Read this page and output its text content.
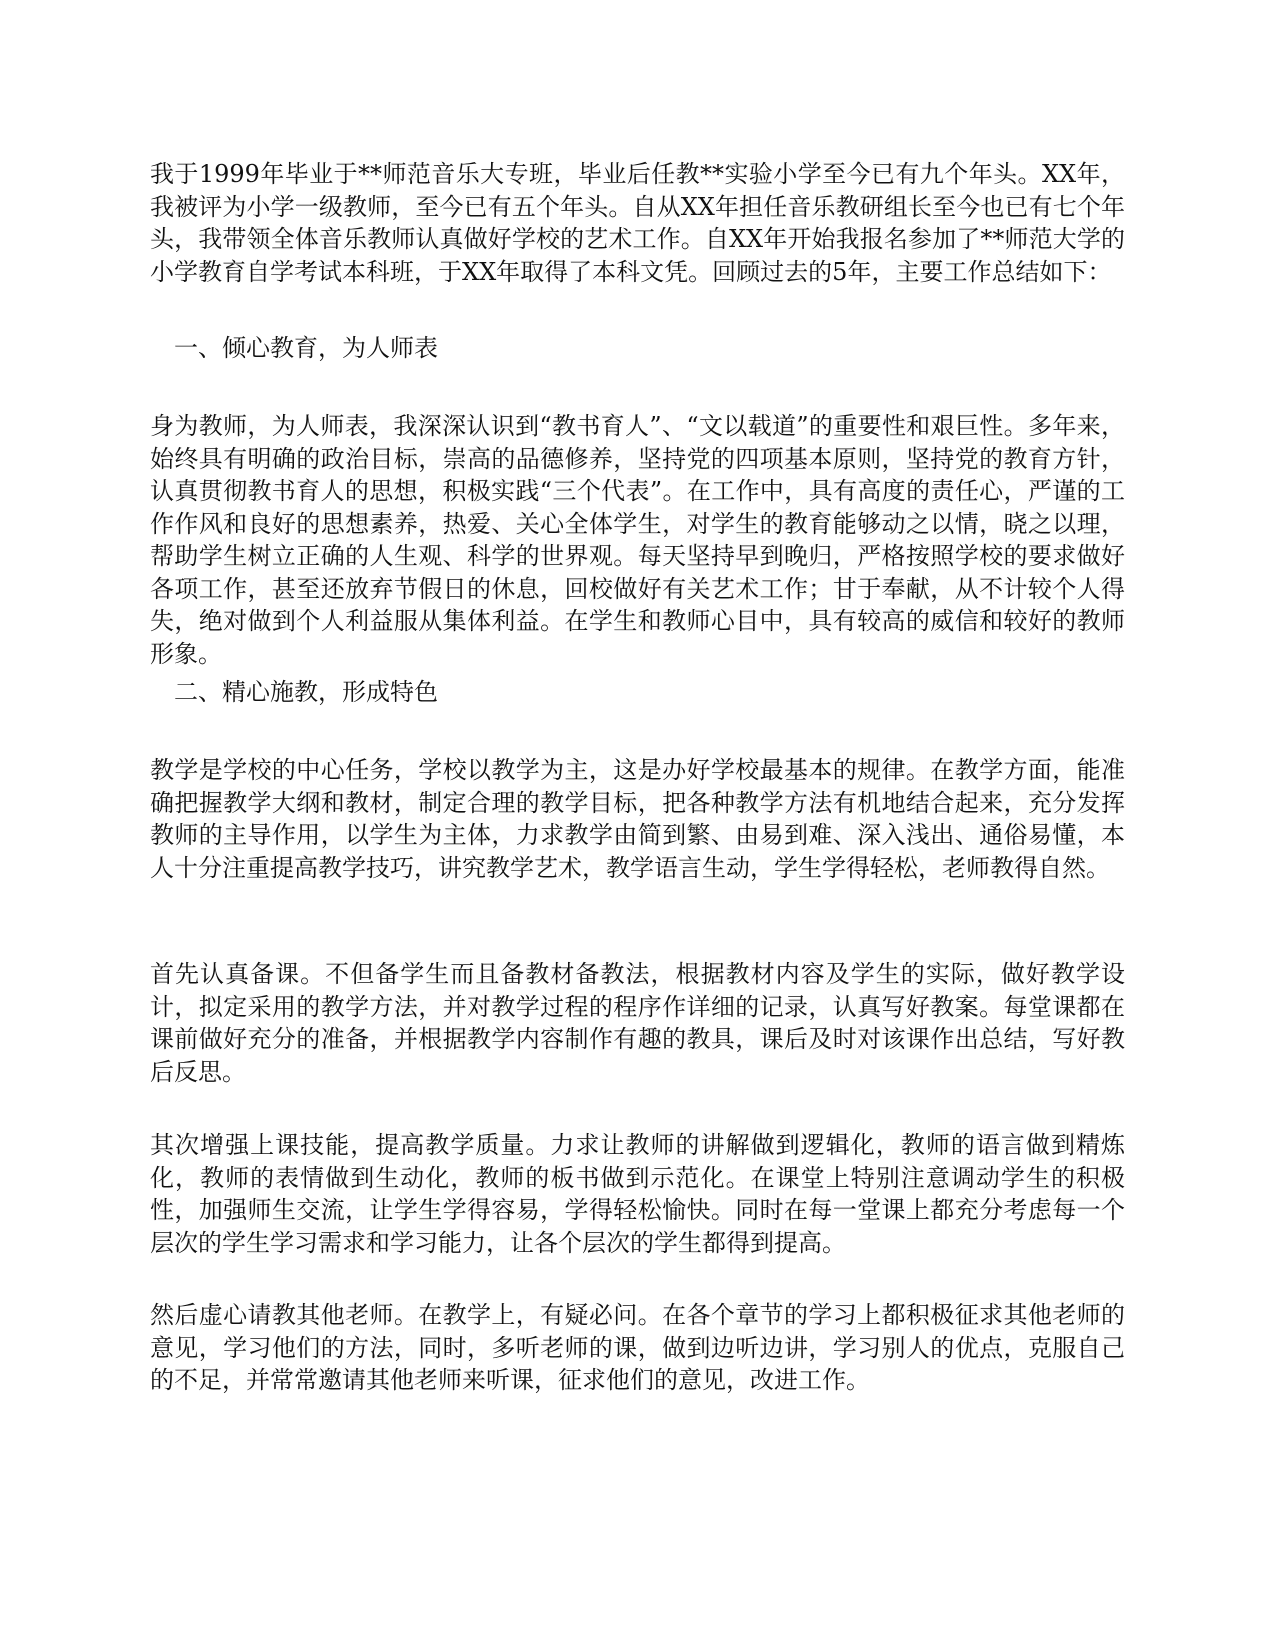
我于1999年毕业于**师范音乐大专班，毕业后任教**实验小学至今已有九个年头。XX年，我被评为小学一级教师，至今已有五个年头。自从XX年担任音乐教研组长至今也已有七个年头，我带领全体音乐教师认真做好学校的艺术工作。自XX年开始我报名参加了**师范大学的小学教育自学考试本科班，于XX年取得了本科文凭。回顾过去的5年，主要工作总结如下：

一、倾心教育，为人师表

身为教师，为人师表，我深深认识到“教书育人”、“文以载道”的重要性和艰巨性。多年来，始终具有明确的政治目标，崇高的品德修养，坚持党的四项基本原则，坚持党的教育方针，认真贯彻教书育人的思想，积极实践“三个代表”。在工作中，具有高度的责任心，严谨的工作作风和良好的思想素养，热爱、关心全体学生，对学生的教育能够动之以情，晓之以理，帮助学生树立正确的人生观、科学的世界观。每天坚持早到晚归，严格按照学校的要求做好各项工作，甚至还放弃节假日的休息，回校做好有关艺术工作；甘于奉献，从不计较个人得失，绝对做到个人利益服从集体利益。在学生和教师心目中，具有较高的威信和较好的教师形象。

二、精心施教，形成特色

教学是学校的中心任务，学校以教学为主，这是办好学校最基本的规律。在教学方面，能准确把握教学大纲和教材，制定合理的教学目标，把各种教学方法有机地结合起来，充分发挥教师的主导作用，以学生为主体，力求教学由简到繁、由易到难、深入浅出、通俗易懂，本人十分注重提高教学技巧，讲究教学艺术，教学语言生动，学生学得轻松，老师教得自然。

首先认真备课。不但备学生而且备教材备教法，根据教材内容及学生的实际，做好教学设计，拟定采用的教学方法，并对教学过程的程序作详细的记录，认真写好教案。每堂课都在课前做好充分的准备，并根据教学内容制作有趣的教具，课后及时对该课作出总结，写好教后反思。

其次增强上课技能，提高教学质量。力求让教师的讲解做到逻辑化，教师的语言做到精炼化，教师的表情做到生动化，教师的板书做到示范化。在课堂上特别注意调动学生的积极性，加强师生交流，让学生学得容易，学得轻松愉快。同时在每一堂课上都充分考虑每一个层次的学生学习需求和学习能力，让各个层次的学生都得到提高。

然后虚心请教其他老师。在教学上，有疑必问。在各个章节的学习上都积极征求其他老师的意见，学习他们的方法，同时，多听老师的课，做到边听边讲，学习别人的优点，克服自己的不足，并常常邀请其他老师来听课，征求他们的意见，改进工作。
